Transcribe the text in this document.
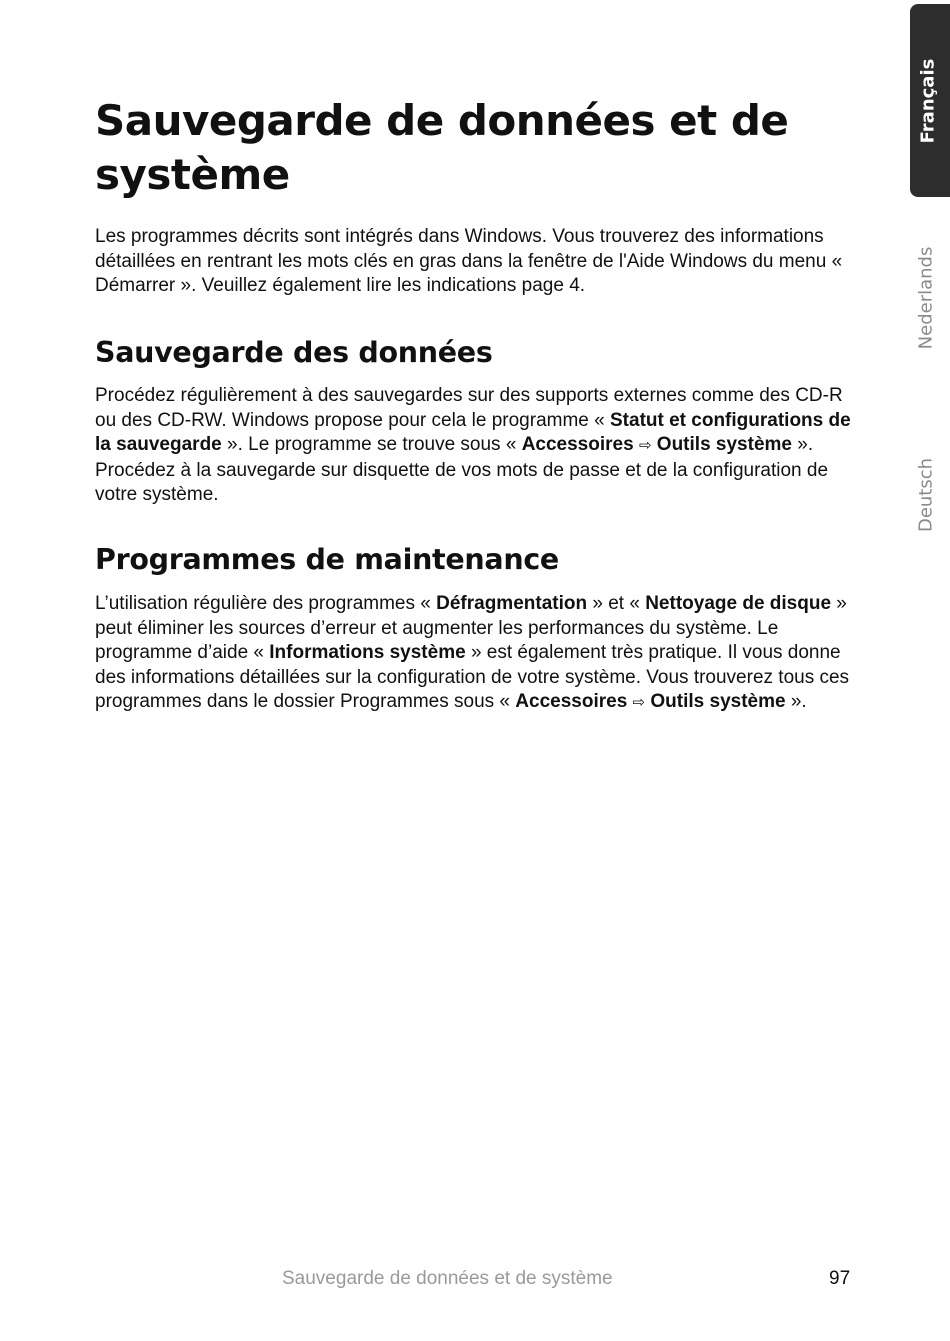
Sauvegarde de données et de système

Les programmes décrits sont intégrés dans Windows. Vous trouverez des informations détaillées en rentrant les mots clés en gras dans la fenêtre de l'Aide Windows du menu « Démarrer ». Veuillez également lire les indications page 4.

Sauvegarde des données

Procédez régulièrement à des sauvegardes sur des supports externes comme des CD-R ou des CD-RW. Windows propose pour cela le programme « Statut et configurations de la sauvegarde ». Le programme se trouve sous « Accessoires ⇨ Outils système ». Procédez à la sauvegarde sur disquette de vos mots de passe et de la configuration de votre système.

Programmes de maintenance

L’utilisation régulière des programmes « Défragmentation » et « Nettoyage de disque » peut éliminer les sources d’erreur et augmenter les performances du système. Le programme d’aide « Informations système » est également très pratique. Il vous donne des informations détaillées sur la configuration de votre système. Vous trouverez tous ces programmes dans le dossier Programmes sous « Accessoires ⇨ Outils système ».

Français
Nederlands
Deutsch
Sauvegarde de données et de système	97
